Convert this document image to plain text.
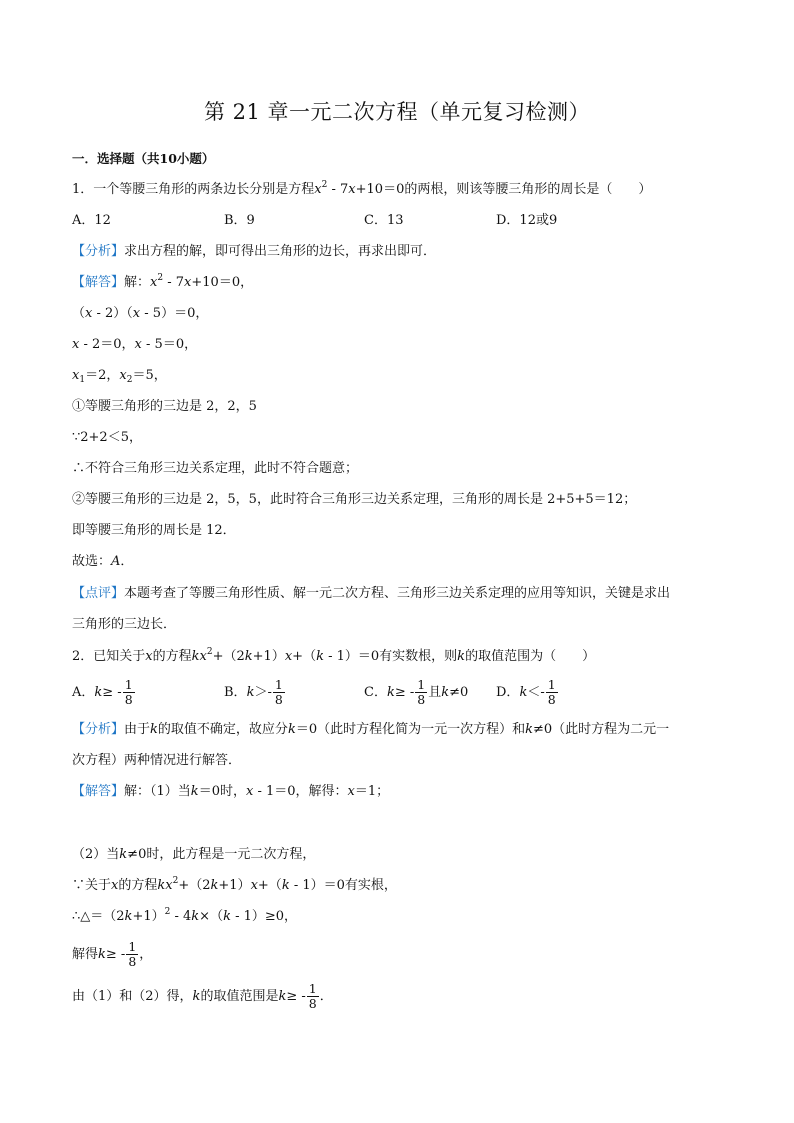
第 21 章一元二次方程（单元复习检测）
一．选择题（共10小题）
1．一个等腰三角形的两条边长分别是方程$x^2 - 7x+10=0$的两根，则该等腰三角形的周长是（　　）
A．12	B．9	C．13	D．12或9
【分析】求出方程的解，即可得出三角形的边长，再求出即可．
【解答】解：$x^2 - 7x+10=0$，
（x - 2）（x - 5）＝0，
x - 2＝0，x - 5＝0，
$x_1=2$，$x_2=5$，
①等腰三角形的三边是 2，2，5
∵2+2＜5，
∴不符合三角形三边关系定理，此时不符合题意；
②等腰三角形的三边是 2，5，5，此时符合三角形三边关系定理，三角形的周长是 2+5+5＝12；
即等腰三角形的周长是 12．
故选：A．
【点评】本题考查了等腰三角形性质、解一元二次方程、三角形三边关系定理的应用等知识，关键是求出
三角形的三边长．
2．已知关于x的方程$kx^2+(2k+1)x+(k - 1)=0$有实数根，则k的取值范围为（　　）
A．$k\ge - \frac{1}{8}$	B．$k>- \frac{1}{8}$	C．$k\ge - \frac{1}{8}$ 且k≠0 D．$k<- \frac{1}{8}$
【分析】由于k的取值不确定，故应分k＝0（此时方程化简为一元一次方程）和k≠0（此时方程为二元一
次方程）两种情况进行解答．
【解答】解：（1）当k＝0时，x - 1＝0，解得：x＝1；
（2）当k≠0时，此方程是一元二次方程，
∵关于x的方程$kx^2+(2k+1)x+(k - 1)=0$有实根，
$\therefore\triangle=(2k+1)^2 - 4k\times(k - 1)\ge 0$，
解得$k\ge - \frac{1}{8}$ ，
由（1）和（2）得，k的取值范围是$k\ge - \frac{1}{8}$ ．
